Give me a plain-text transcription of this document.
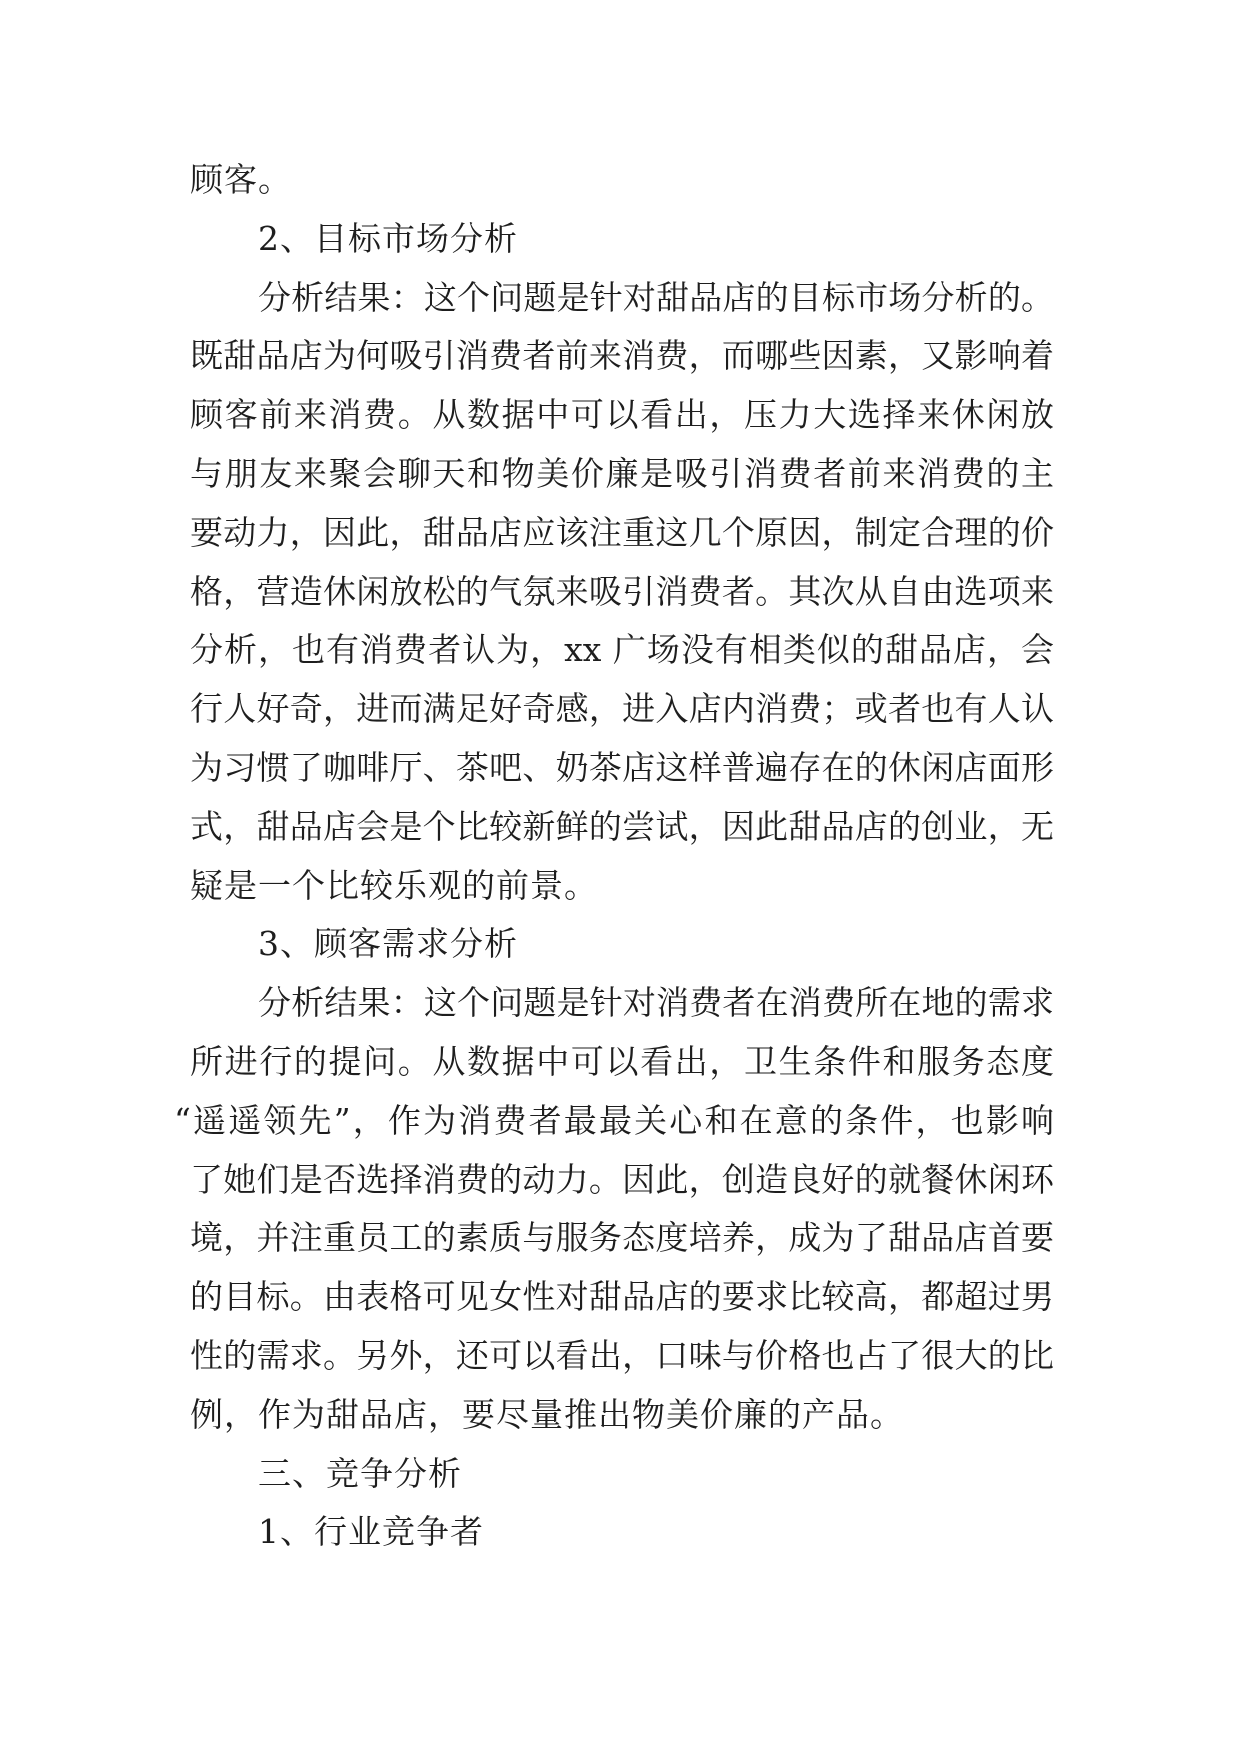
顾客。
2、目标市场分析
分析结果：这个问题是针对甜品店的目标市场分析的。
既甜品店为何吸引消费者前来消费，而哪些因素，又影响着
顾客前来消费。从数据中可以看出，压力大选择来休闲放
与朋友来聚会聊天和物美价廉是吸引消费者前来消费的主
要动力，因此，甜品店应该注重这几个原因，制定合理的价
格，营造休闲放松的气氛来吸引消费者。其次从自由选项来
分析，也有消费者认为，xx 广场没有相类似的甜品店，会
行人好奇，进而满足好奇感，进入店内消费；或者也有人认
为习惯了咖啡厅、茶吧、奶茶店这样普遍存在的休闲店面形
式，甜品店会是个比较新鲜的尝试，因此甜品店的创业，无
疑是一个比较乐观的前景。
3、顾客需求分析
分析结果：这个问题是针对消费者在消费所在地的需求
所进行的提问。从数据中可以看出，卫生条件和服务态度
“遥遥领先”，作为消费者最最关心和在意的条件，也影响
了她们是否选择消费的动力。因此，创造良好的就餐休闲环
境，并注重员工的素质与服务态度培养，成为了甜品店首要
的目标。由表格可见女性对甜品店的要求比较高，都超过男
性的需求。另外，还可以看出，口味与价格也占了很大的比
例，作为甜品店，要尽量推出物美价廉的产品。
三、竞争分析
1、行业竞争者
